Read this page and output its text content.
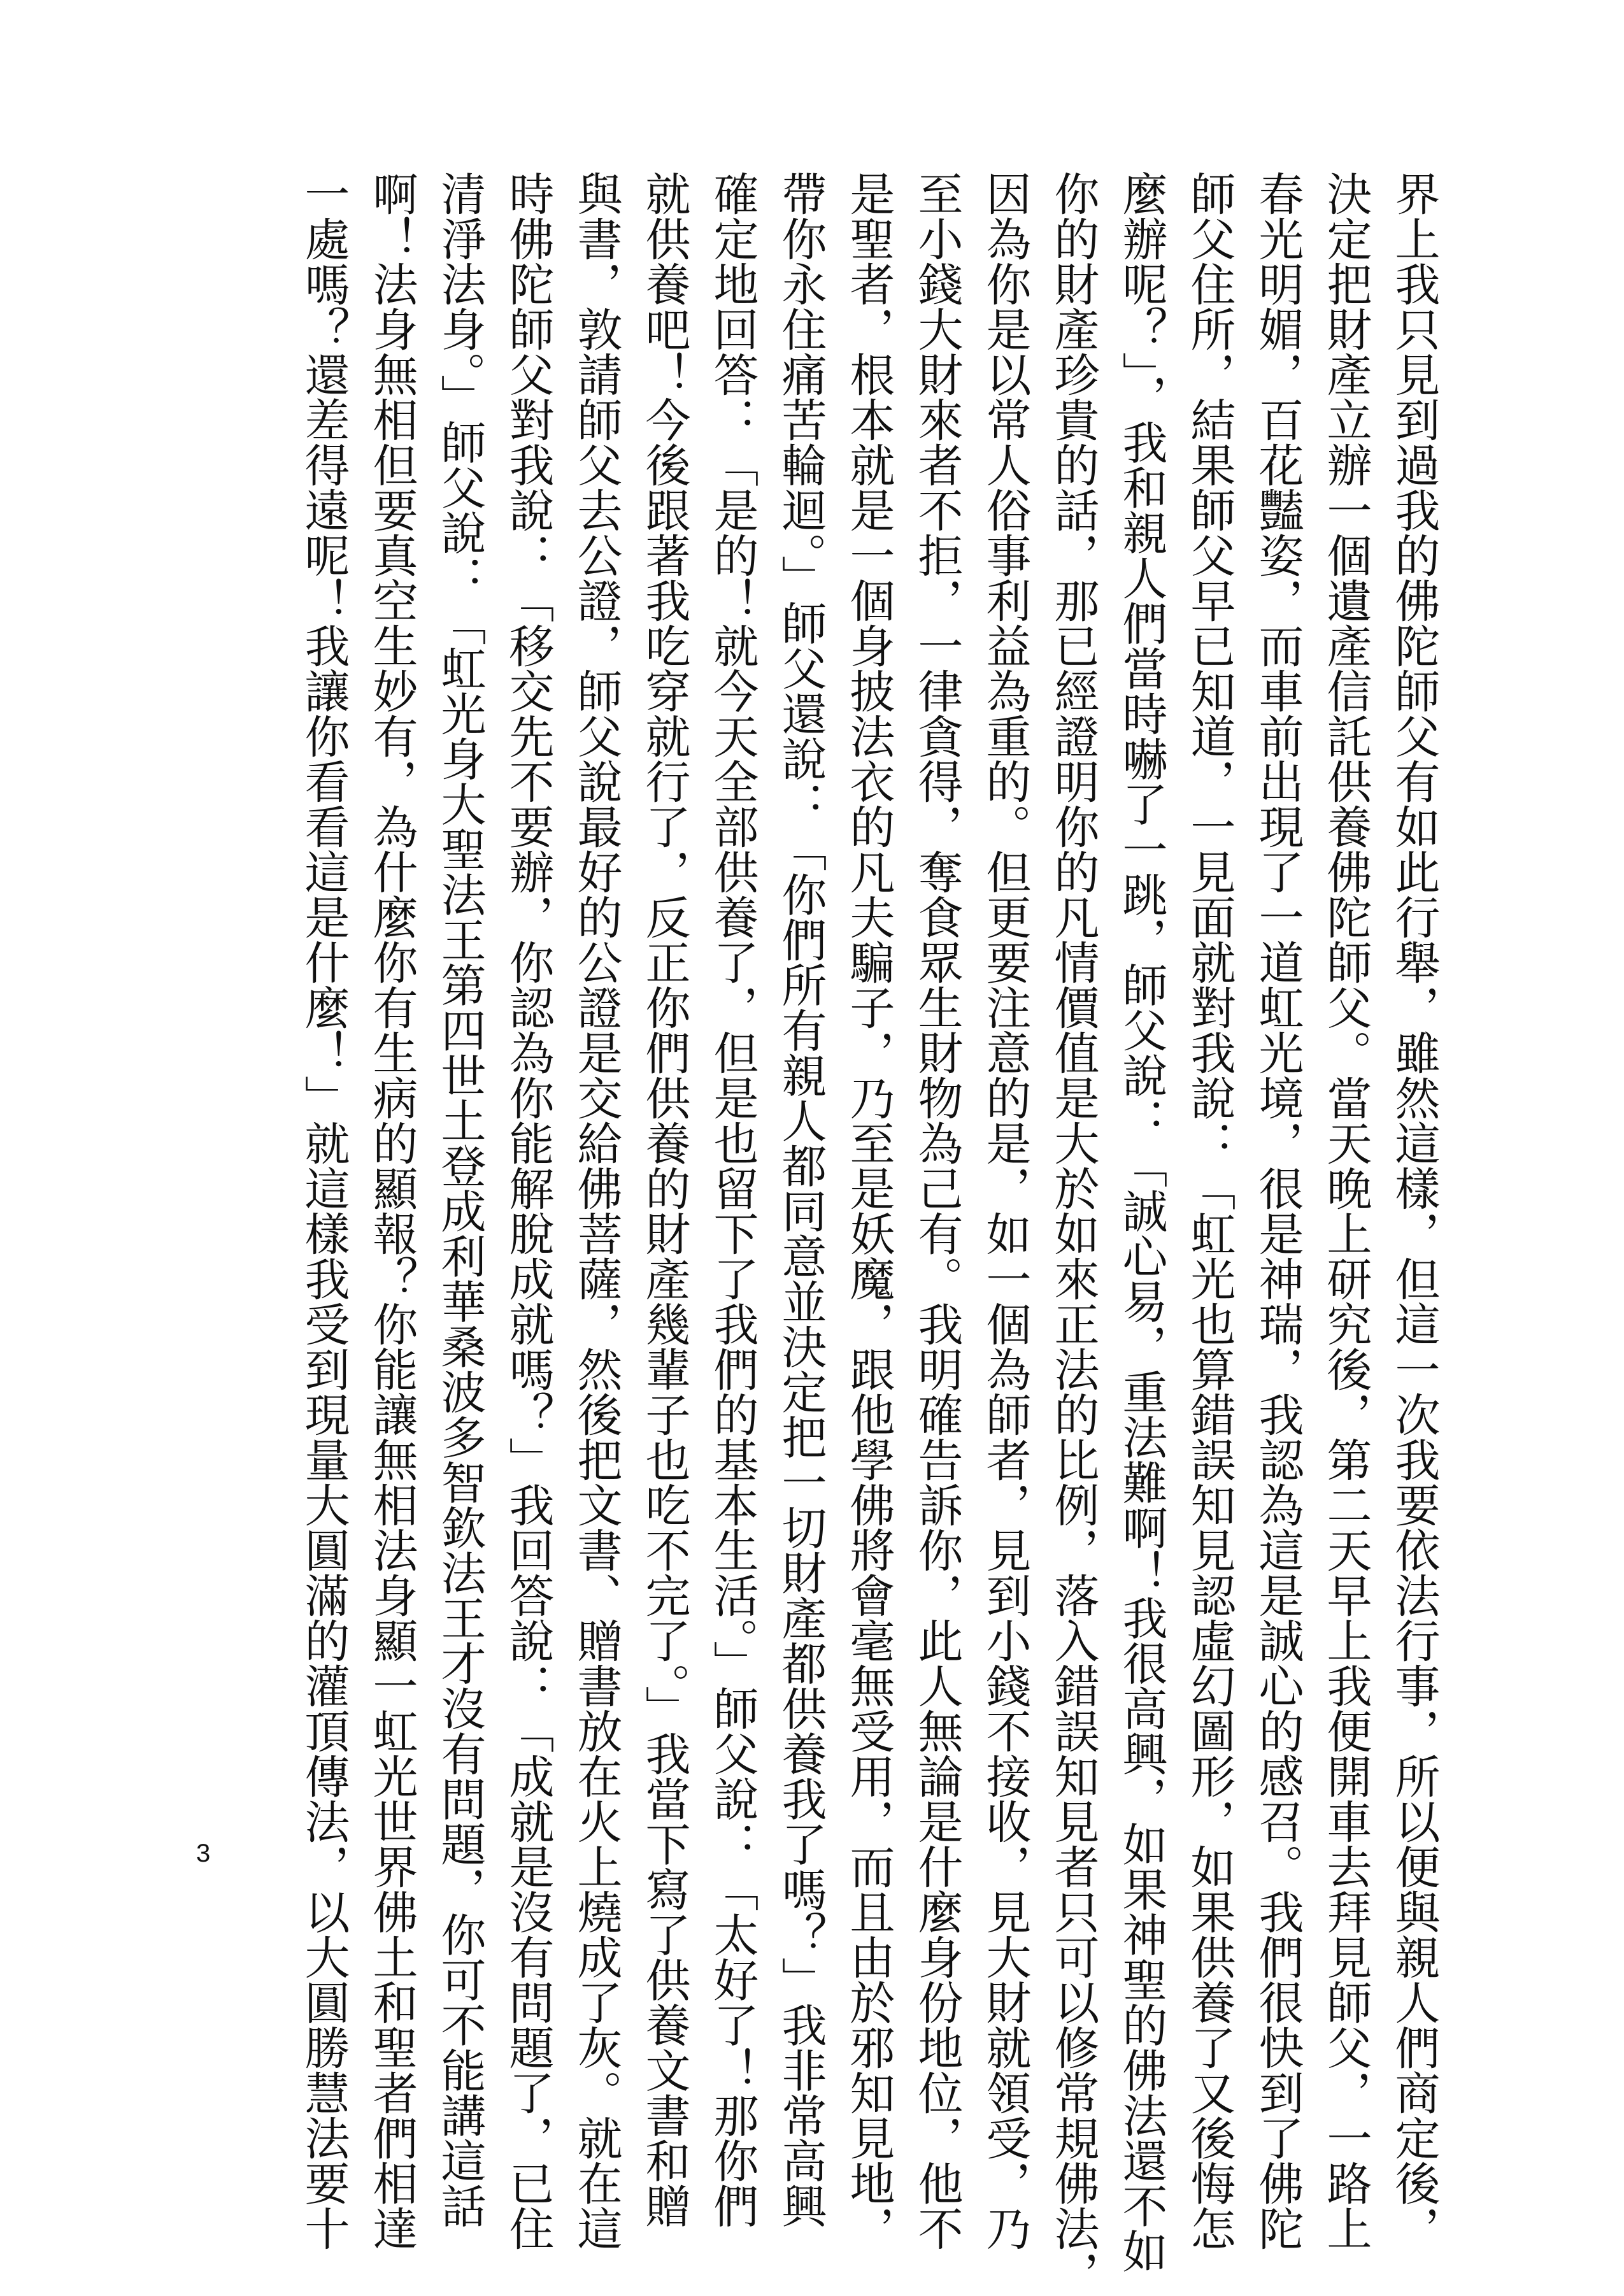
界上我只見到過我的佛陀師父有如此行舉，雖然這樣，但這一次我要依法行事，所以便與親人們商定後，
決定把財產立辦一個遺產信託供養佛陀師父。當天晚上研究後，第二天早上我便開車去拜見師父，一路上
春光明媚，百花豔姿，而車前出現了一道虹光境，很是神瑞，我認為這是誠心的感召。我們很快到了佛陀
師父住所，結果師父早已知道，一見面就對我說：「虹光也算錯誤知見認虛幻圖形，如果供養了又後悔怎
麼辦呢？」，我和親人們當時嚇了一跳，師父說：「誠心易，重法難啊！我很高興，如果神聖的佛法還不如
你的財產珍貴的話，那已經證明你的凡情價值是大於如來正法的比例，落入錯誤知見者只可以修常規佛法，
因為你是以常人俗事利益為重的。但更要注意的是，如一個為師者，見到小錢不接收，見大財就領受，乃
至小錢大財來者不拒，一律貪得，奪食眾生財物為己有。我明確告訴你，此人無論是什麼身份地位，他不
是聖者，根本就是一個身披法衣的凡夫騙子，乃至是妖魔，跟他學佛將會毫無受用，而且由於邪知見地，
帶你永住痛苦輪迴。」師父還說：「你們所有親人都同意並決定把一切財產都供養我了嗎？」我非常高興
確定地回答：「是的！就今天全部供養了，但是也留下了我們的基本生活。」師父說：「太好了！那你們
就供養吧！今後跟著我吃穿就行了，反正你們供養的財產幾輩子也吃不完了。」我當下寫了供養文書和贈
與書，敦請師父去公證，師父說最好的公證是交給佛菩薩，然後把文書、贈書放在火上燒成了灰。就在這
時佛陀師父對我說：「移交先不要辦，你認為你能解脫成就嗎？」我回答說：「成就是沒有問題了，已住
清淨法身。」師父說：「虹光身大聖法王第四世土登成利華桑波多智欽法王才沒有問題，你可不能講這話
啊！法身無相但要真空生妙有，為什麼你有生病的顯報？你能讓無相法身顯一虹光世界佛土和聖者們相達
一處嗎？還差得遠呢！我讓你看看這是什麼！」就這樣我受到現量大圓滿的灌頂傳法，以大圓勝慧法要十
3
